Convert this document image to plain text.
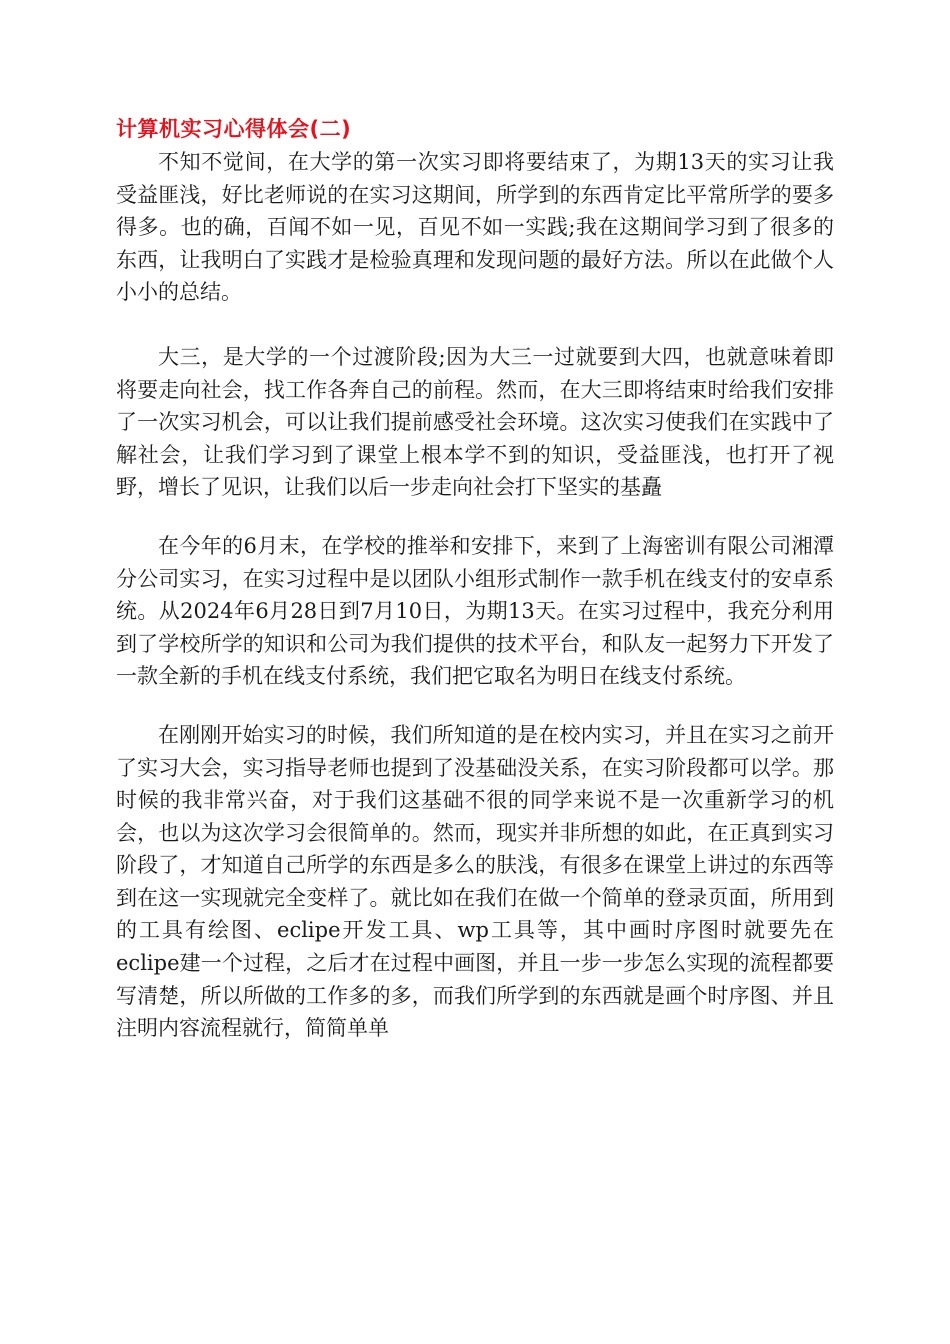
计算机实习心得体会(二)

不知不觉间，在大学的第一次实习即将要结束了，为期13天的实习让我受益匪浅，好比老师说的在实习这期间，所学到的东西肯定比平常所学的要多得多。也的确，百闻不如一见，百见不如一实践;我在这期间学习到了很多的东西，让我明白了实践才是检验真理和发现问题的最好方法。所以在此做个人小小的总结。

大三，是大学的一个过渡阶段;因为大三一过就要到大四，也就意味着即将要走向社会，找工作各奔自己的前程。然而，在大三即将结束时给我们安排了一次实习机会，可以让我们提前感受社会环境。这次实习使我们在实践中了解社会，让我们学习到了课堂上根本学不到的知识，受益匪浅，也打开了视野，增长了见识，让我们以后一步走向社会打下坚实的基矗

在今年的6月末，在学校的推举和安排下，来到了上海密训有限公司湘潭分公司实习，在实习过程中是以团队小组形式制作一款手机在线支付的安卓系统。从2024年6月28日到7月10日，为期13天。在实习过程中，我充分利用到了学校所学的知识和公司为我们提供的技术平台，和队友一起努力下开发了一款全新的手机在线支付系统，我们把它取名为明日在线支付系统。

在刚刚开始实习的时候，我们所知道的是在校内实习，并且在实习之前开了实习大会，实习指导老师也提到了没基础没关系，在实习阶段都可以学。那时候的我非常兴奋，对于我们这基础不很的同学来说不是一次重新学习的机会，也以为这次学习会很简单的。然而，现实并非所想的如此，在正真到实习阶段了，才知道自己所学的东西是多么的肤浅，有很多在课堂上讲过的东西等到在这一实现就完全变样了。就比如在我们在做一个简单的登录页面，所用到的工具有绘图、eclipe开发工具、wp工具等，其中画时序图时就要先在eclipe建一个过程，之后才在过程中画图，并且一步一步怎么实现的流程都要写清楚，所以所做的工作多的多，而我们所学到的东西就是画个时序图、并且注明内容流程就行，简简单单
